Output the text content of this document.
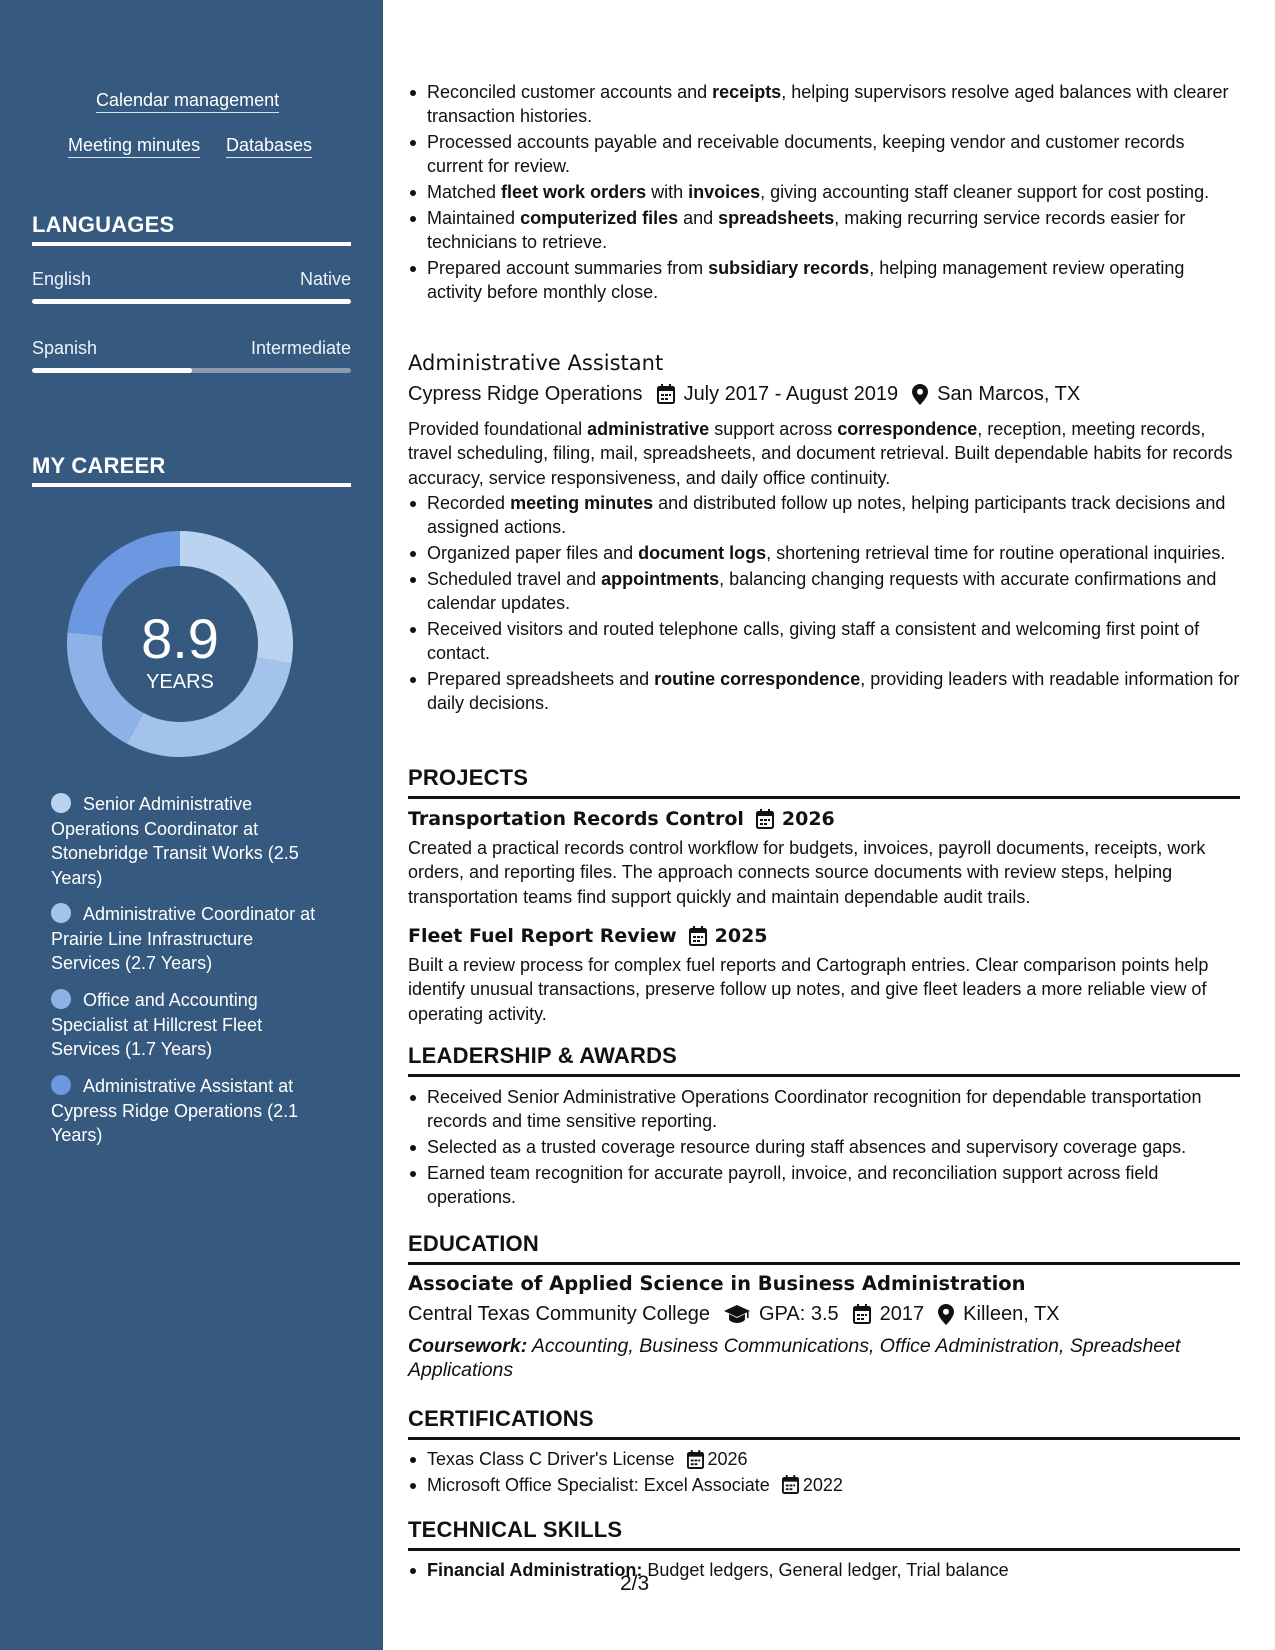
Calendar management
Meeting minutes Databases
LANGUAGES
English	Native
Spanish	Intermediate
MY CAREER
8.9
YEARS
Senior Administrative Operations Coordinator at Stonebridge Transit Works (2.5 Years)
Administrative Coordinator at Prairie Line Infrastructure Services (2.7 Years)
Office and Accounting Specialist at Hillcrest Fleet Services (1.7 Years)
Administrative Assistant at Cypress Ridge Operations (2.1 Years)
Reconciled customer accounts and receipts, helping supervisors resolve aged balances with clearer transaction histories.
Processed accounts payable and receivable documents, keeping vendor and customer records current for review.
Matched fleet work orders with invoices, giving accounting staff cleaner support for cost posting.
Maintained computerized files and spreadsheets, making recurring service records easier for technicians to retrieve.
Prepared account summaries from subsidiary records, helping management review operating activity before monthly close.
Administrative Assistant
Cypress Ridge Operations July 2017 - August 2019 San Marcos, TX
Provided foundational administrative support across correspondence, reception, meeting records, travel scheduling, filing, mail, spreadsheets, and document retrieval. Built dependable habits for records accuracy, service responsiveness, and daily office continuity.
Recorded meeting minutes and distributed follow up notes, helping participants track decisions and assigned actions.
Organized paper files and document logs, shortening retrieval time for routine operational inquiries.
Scheduled travel and appointments, balancing changing requests with accurate confirmations and calendar updates.
Received visitors and routed telephone calls, giving staff a consistent and welcoming first point of contact.
Prepared spreadsheets and routine correspondence, providing leaders with readable information for daily decisions.
PROJECTS
Transportation Records Control 2026
Created a practical records control workflow for budgets, invoices, payroll documents, receipts, work orders, and reporting files. The approach connects source documents with review steps, helping transportation teams find support quickly and maintain dependable audit trails.
Fleet Fuel Report Review 2025
Built a review process for complex fuel reports and Cartograph entries. Clear comparison points help identify unusual transactions, preserve follow up notes, and give fleet leaders a more reliable view of operating activity.
LEADERSHIP & AWARDS
Received Senior Administrative Operations Coordinator recognition for dependable transportation records and time sensitive reporting.
Selected as a trusted coverage resource during staff absences and supervisory coverage gaps.
Earned team recognition for accurate payroll, invoice, and reconciliation support across field operations.
EDUCATION
Associate of Applied Science in Business Administration
Central Texas Community College GPA: 3.5 2017 Killeen, TX
Coursework: Accounting, Business Communications, Office Administration, Spreadsheet Applications
CERTIFICATIONS
Texas Class C Driver's License 2026
Microsoft Office Specialist: Excel Associate 2022
TECHNICAL SKILLS
Financial Administration: Budget ledgers, General ledger, Trial balance
2/3
